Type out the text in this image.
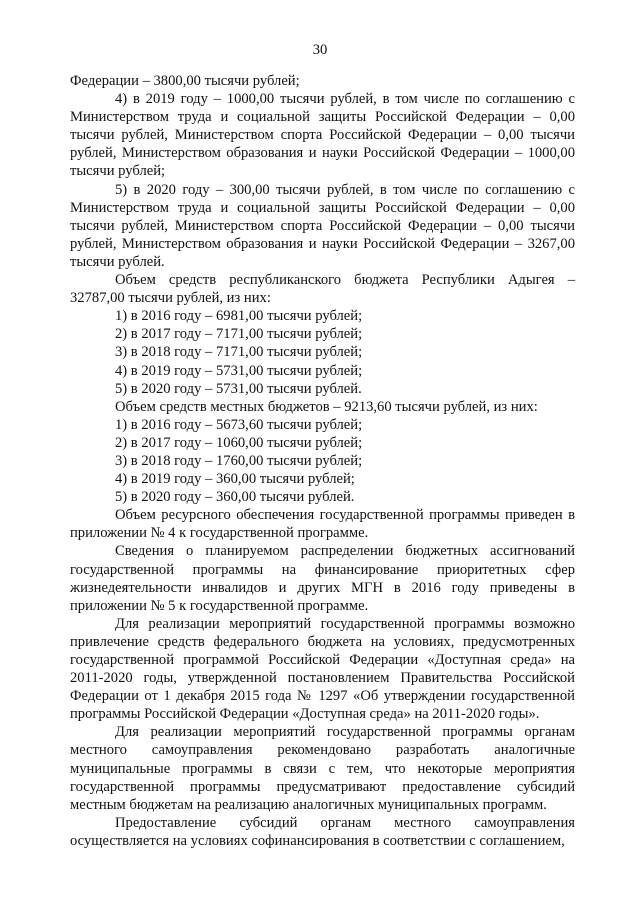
30

Федерации – 3800,00 тысячи рублей;

4) в 2019 году – 1000,00 тысячи рублей, в том числе по соглашению с Министерством труда и социальной защиты Российской Федерации – 0,00 тысячи рублей, Министерством спорта Российской Федерации – 0,00 тысячи рублей, Министерством образования и науки Российской Федерации – 1000,00 тысячи рублей;

5) в 2020 году – 300,00 тысячи рублей, в том числе по соглашению с Министерством труда и социальной защиты Российской Федерации – 0,00 тысячи рублей, Министерством спорта Российской Федерации – 0,00 тысячи рублей, Министерством образования и науки Российской Федерации – 3267,00 тысячи рублей.

Объем средств республиканского бюджета Республики Адыгея – 32787,00 тысячи рублей, из них:

1) в 2016 году – 6981,00 тысячи рублей;

2) в 2017 году – 7171,00 тысячи рублей;

3) в 2018 году – 7171,00 тысячи рублей;

4) в 2019 году – 5731,00 тысячи рублей;

5) в 2020 году – 5731,00 тысячи рублей.

Объем средств местных бюджетов – 9213,60 тысячи рублей, из них:

1) в 2016 году – 5673,60 тысячи рублей;

2) в 2017 году – 1060,00 тысячи рублей;

3) в 2018 году – 1760,00 тысячи рублей;

4) в 2019 году – 360,00 тысячи рублей;

5) в 2020 году – 360,00 тысячи рублей.

Объем ресурсного обеспечения государственной программы приведен в приложении № 4 к государственной программе.

Сведения о планируемом распределении бюджетных ассигнований государственной программы на финансирование приоритетных сфер жизнедеятельности инвалидов и других МГН в 2016 году приведены в приложении № 5 к государственной программе.

Для реализации мероприятий государственной программы возможно привлечение средств федерального бюджета на условиях, предусмотренных государственной программой Российской Федерации «Доступная среда» на 2011-2020 годы, утвержденной постановлением Правительства Российской Федерации от 1 декабря 2015 года № 1297 «Об утверждении государственной программы Российской Федерации «Доступная среда» на 2011-2020 годы».

Для реализации мероприятий государственной программы органам местного самоуправления рекомендовано разработать аналогичные муниципальные программы в связи с тем, что некоторые мероприятия государственной программы предусматривают предоставление субсидий местным бюджетам на реализацию аналогичных муниципальных программ.

Предоставление субсидий органам местного самоуправления осуществляется на условиях софинансирования в соответствии с соглашением,
